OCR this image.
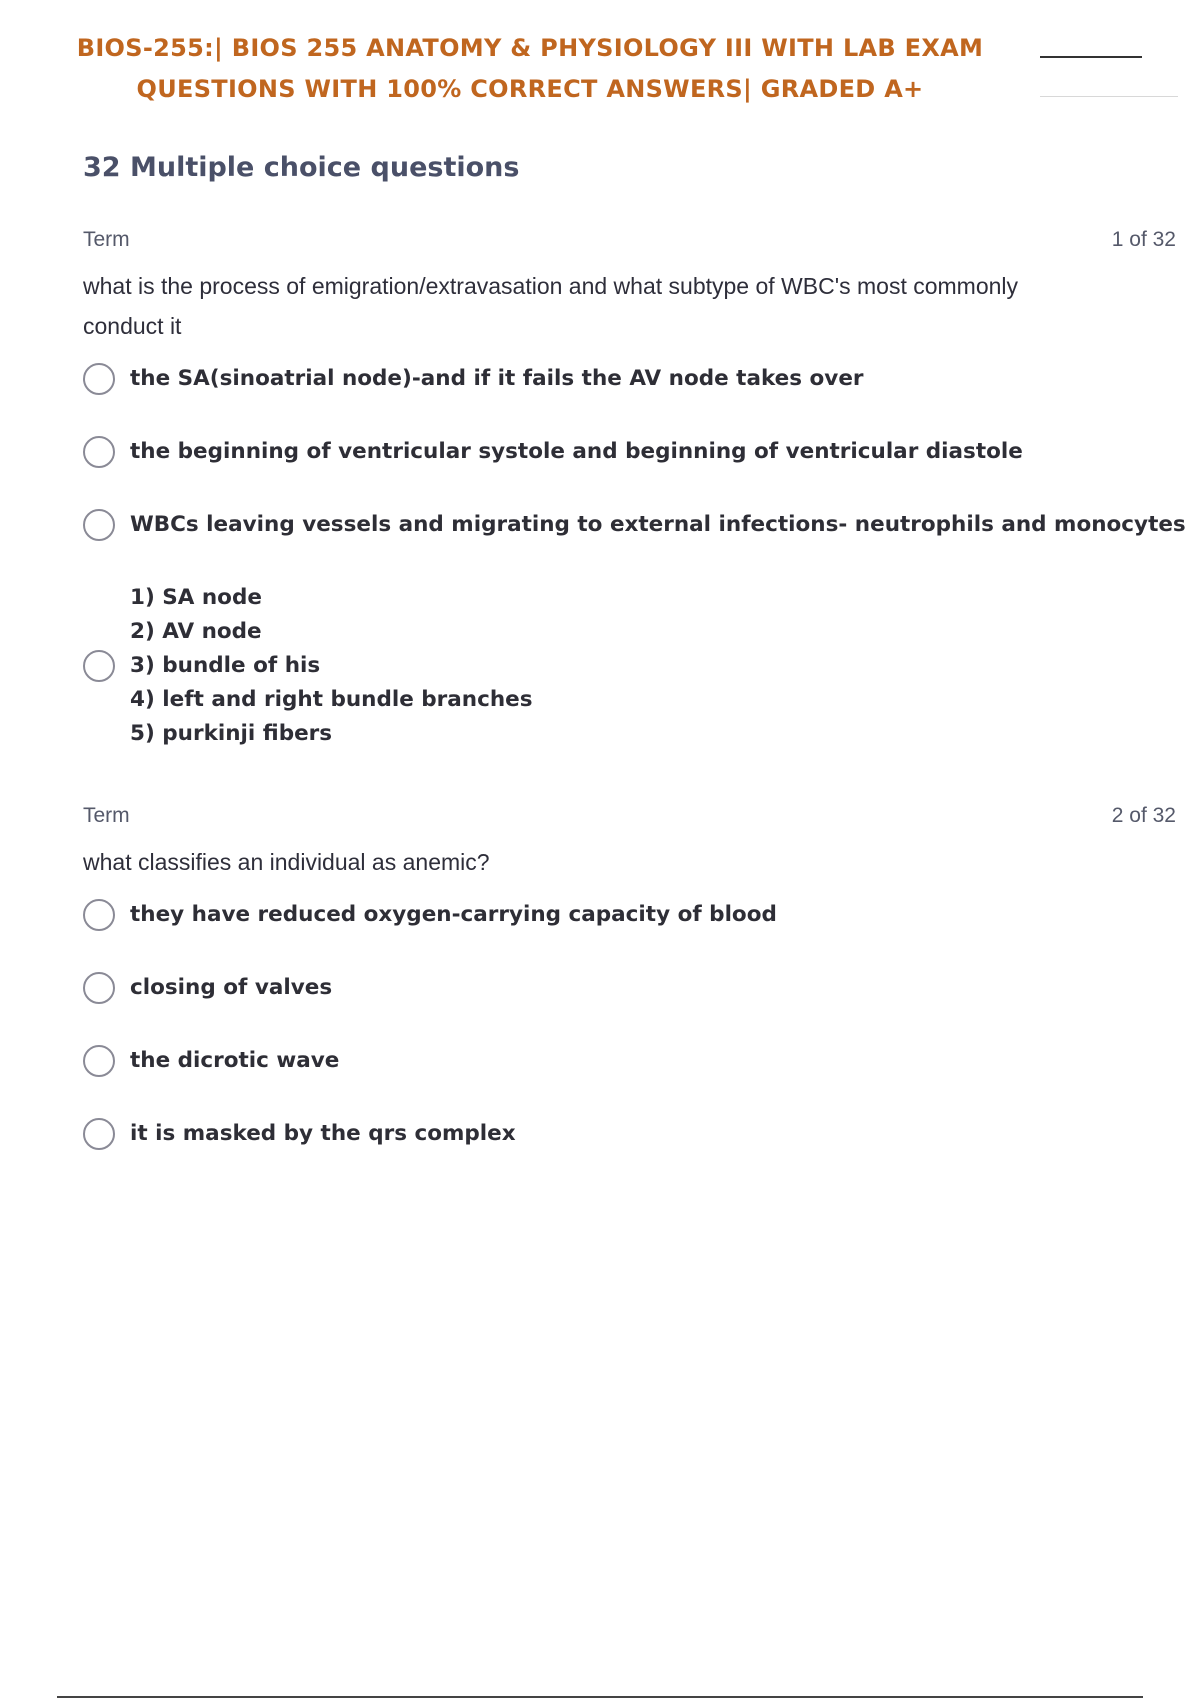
BIOS-255:| BIOS 255 ANATOMY & PHYSIOLOGY III WITH LAB EXAM
QUESTIONS WITH 100% CORRECT ANSWERS| GRADED A+
32 Multiple choice questions
Term	1 of 32
what is the process of emigration/extravasation and what subtype of WBC's most commonly conduct it
the SA(sinoatrial node)-and if it fails the AV node takes over
the beginning of ventricular systole and beginning of ventricular diastole
WBCs leaving vessels and migrating to external infections- neutrophils and monocytes
1) SA node
2) AV node
3) bundle of his
4) left and right bundle branches
5) purkinji fibers
Term	2 of 32
what classifies an individual as anemic?
they have reduced oxygen-carrying capacity of blood
closing of valves
the dicrotic wave
it is masked by the qrs complex
